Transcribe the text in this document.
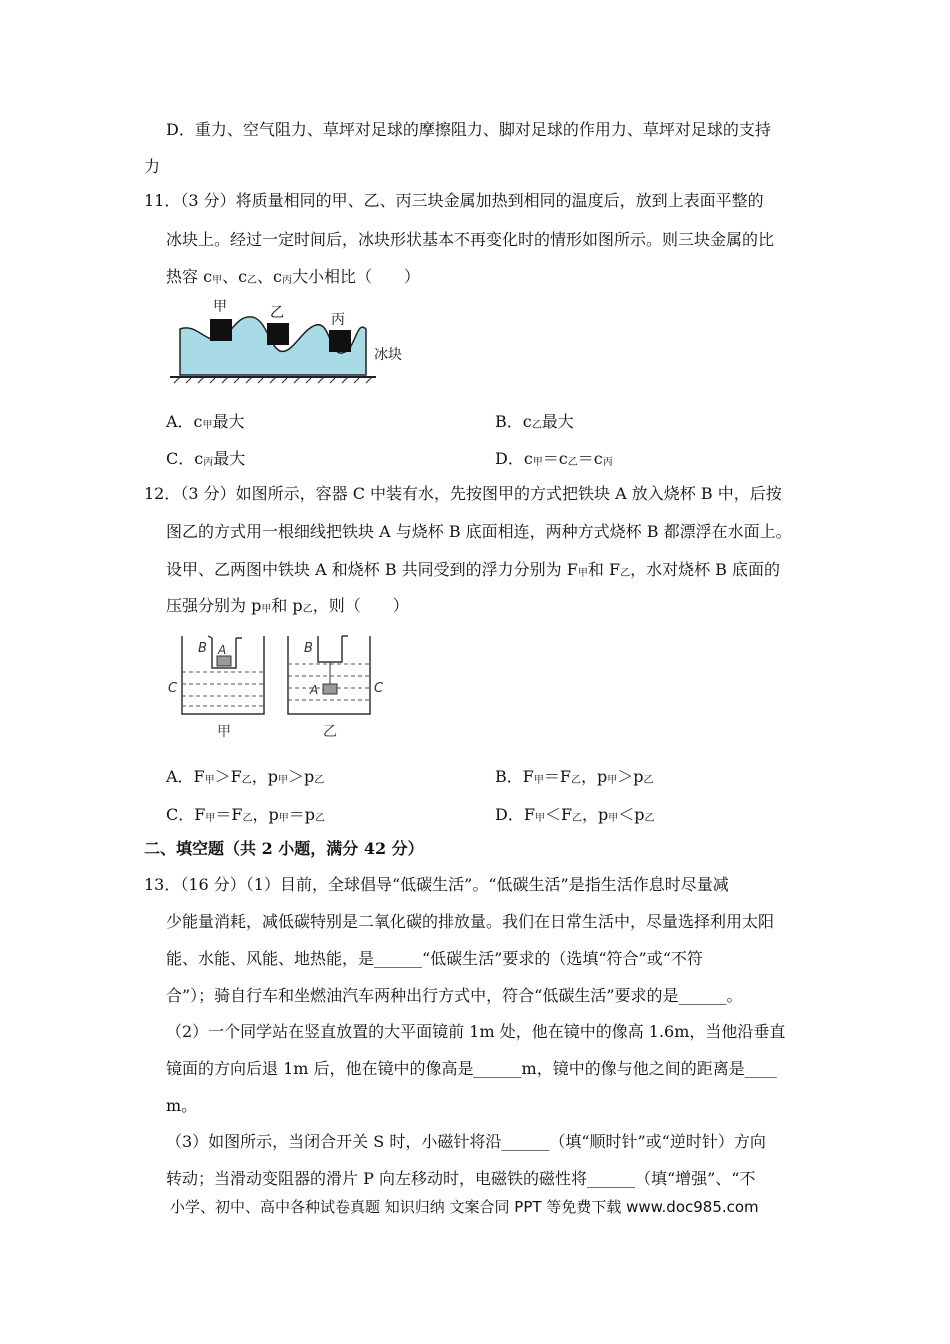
D．重力、空气阻力、草坪对足球的摩擦阻力、脚对足球的作用力、草坪对足球的支持
力
11．（3 分）将质量相同的甲、乙、丙三块金属加热到相同的温度后，放到上表面平整的
冰块上。经过一定时间后，冰块形状基本不再变化时的情形如图所示。则三块金属的比
热容 c甲、c乙、c丙大小相比（　　）
甲	乙	丙
冰块
A．c甲最大	B．c乙最大
C．c丙最大	D．c甲＝c乙＝c丙
12．（3 分）如图所示，容器 C 中装有水，先按图甲的方式把铁块 A 放入烧杯 B 中，后按
图乙的方式用一根细线把铁块 A 与烧杯 B 底面相连，两种方式烧杯 B 都漂浮在水面上。
设甲、乙两图中铁块 A 和烧杯 B 共同受到的浮力分别为 F甲和 F乙，水对烧杯 B 底面的
压强分别为 p甲和 p乙，则（　　）
B A
C
甲
B
A	C
乙
A．F甲＞F乙，p甲＞p乙	B．F甲＝F乙，p甲＞p乙
C．F甲＝F乙，p甲＝p乙	D．F甲＜F乙，p甲＜p乙
二、填空题（共 2 小题，满分 42 分）
13．（16 分）（1）目前，全球倡导“低碳生活”。“低碳生活”是指生活作息时尽量减
少能量消耗，减低碳特别是二氧化碳的排放量。我们在日常生活中，尽量选择利用太阳
能、水能、风能、地热能，是______“低碳生活”要求的（选填“符合”或“不符
合”）；骑自行车和坐燃油汽车两种出行方式中，符合“低碳生活”要求的是______。
（2）一个同学站在竖直放置的大平面镜前 1m 处，他在镜中的像高 1.6m，当他沿垂直
镜面的方向后退 1m 后，他在镜中的像高是______m，镜中的像与他之间的距离是____
m。
（3）如图所示，当闭合开关 S 时，小磁针将沿______（填“顺时针”或“逆时针）方向
转动；当滑动变阻器的滑片 P 向左移动时，电磁铁的磁性将______（填“增强”、“不
小学、初中、高中各种试卷真题 知识归纳 文案合同 PPT 等免费下载 www.doc985.com
